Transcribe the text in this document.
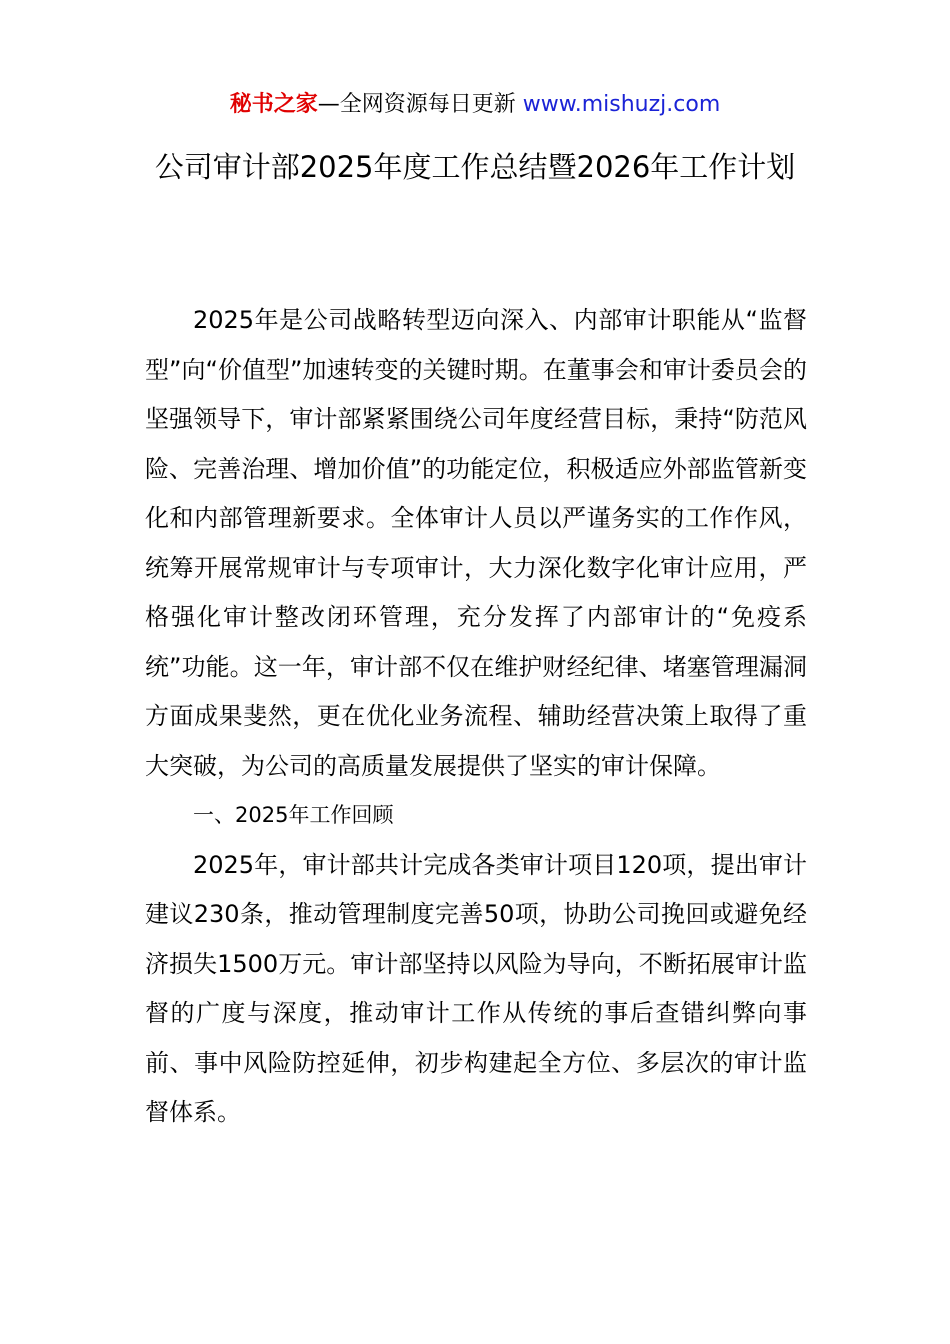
秘书之家—全网资源每日更新 www.mishuzj.com
公司审计部2025年度工作总结暨2026年工作计划

2025年是公司战略转型迈向深入、内部审计职能从“监督型”向“价值型”加速转变的关键时期。在董事会和审计委员会的坚强领导下，审计部紧紧围绕公司年度经营目标，秉持“防范风险、完善治理、增加价值”的功能定位，积极适应外部监管新变化和内部管理新要求。全体审计人员以严谨务实的工作作风，统筹开展常规审计与专项审计，大力深化数字化审计应用，严格强化审计整改闭环管理，充分发挥了内部审计的“免疫系统”功能。这一年，审计部不仅在维护财经纪律、堵塞管理漏洞方面成果斐然，更在优化业务流程、辅助经营决策上取得了重大突破，为公司的高质量发展提供了坚实的审计保障。

一、2025年工作回顾

2025年，审计部共计完成各类审计项目120项，提出审计建议230条，推动管理制度完善50项，协助公司挽回或避免经济损失1500万元。审计部坚持以风险为导向，不断拓展审计监督的广度与深度，推动审计工作从传统的事后查错纠弊向事前、事中风险防控延伸，初步构建起全方位、多层次的审计监督体系。
